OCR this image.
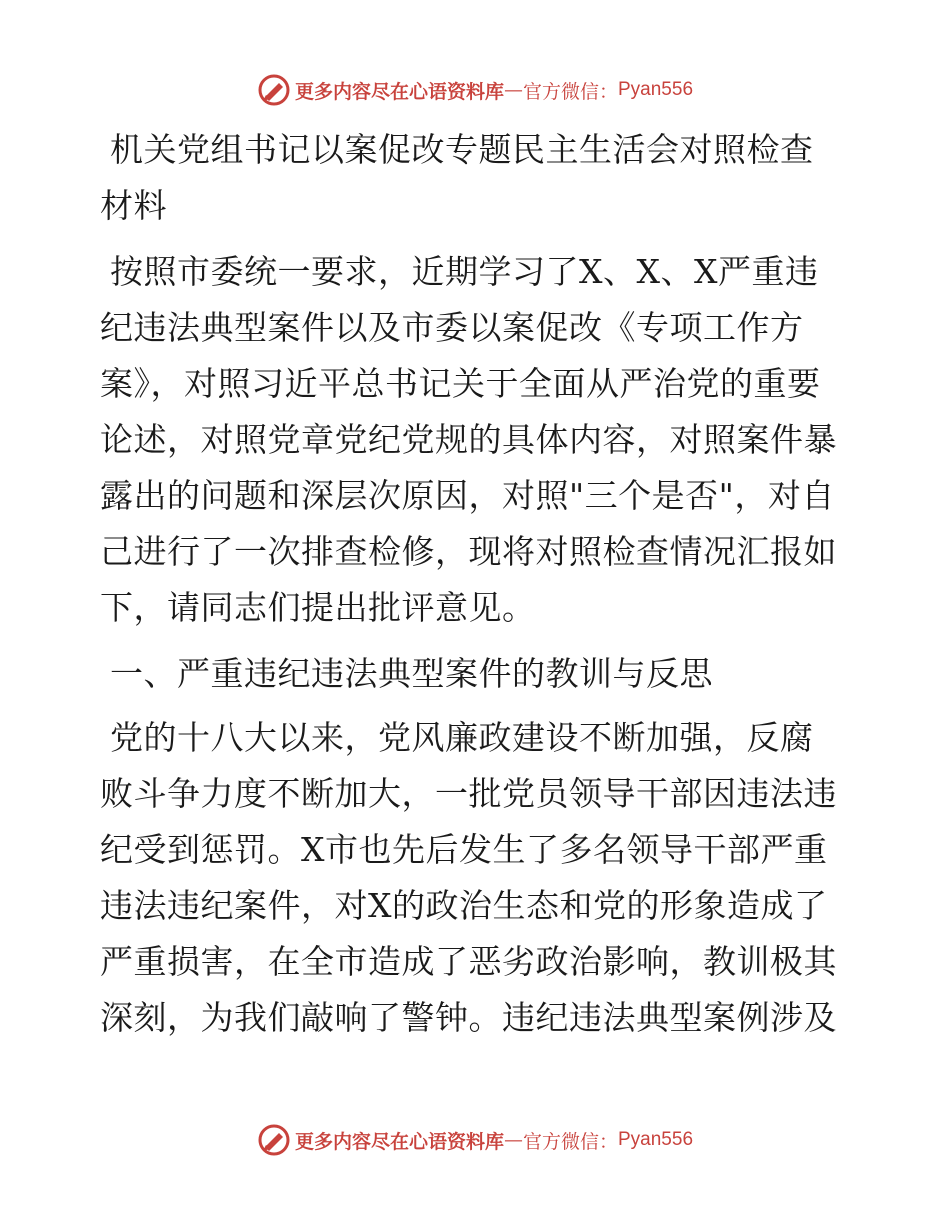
更多内容尽在心语资料库 — 官方微信： Pyan556
机关党组书记以案促改专题民主生活会对照检查
材料
按照市委统一要求，近期学习了X、X、X严重违
纪违法典型案件以及市委以案促改《专项工作方
案》，对照习近平总书记关于全面从严治党的重要
论述，对照党章党纪党规的具体内容，对照案件暴
露出的问题和深层次原因，对照"三个是否"，对自
己进行了一次排查检修，现将对照检查情况汇报如
下，请同志们提出批评意见。
一、严重违纪违法典型案件的教训与反思
党的十八大以来，党风廉政建设不断加强，反腐
败斗争力度不断加大，一批党员领导干部因违法违
纪受到惩罚。X市也先后发生了多名领导干部严重
违法违纪案件，对X的政治生态和党的形象造成了
严重损害，在全市造成了恶劣政治影响，教训极其
深刻，为我们敲响了警钟。违纪违法典型案例涉及
更多内容尽在心语资料库 — 官方微信： Pyan556
